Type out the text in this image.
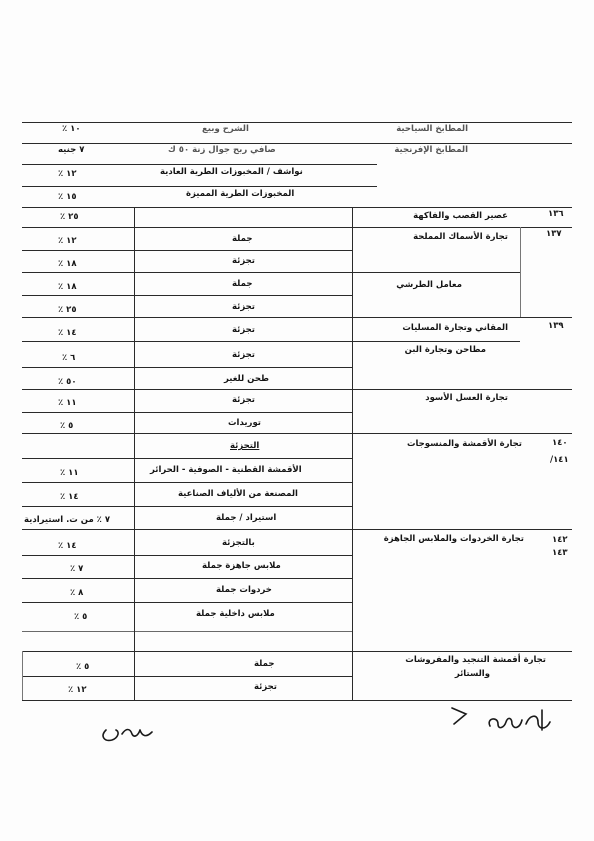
المطابخ السياحية
الشرح وبيع
١٠ ٪
المطابخ الإفرنجية
صافي ربح جوال زنة ٥٠ ك
٧ جنيه
نواشف / المخبوزات الطرية العادية
١٢ ٪
المخبوزات الطرية المميزة
١٥ ٪
١٣٦
عصير القصب والفاكهة
٢٥ ٪
١٣٧
تجارة الأسماك المملحة
جملة
١٢ ٪
تجزئة
١٨ ٪
معامل الطرشي
جملة
١٨ ٪
تجزئة
٢٥ ٪
١٣٩
المقاني وتجارة المسليات
تجزئة
١٤ ٪
مطاحن وتجارة البن
تجزئة
٦ ٪
طحن للغير
٥٠ ٪
تجارة العسل الأسود
تجزئة
١١ ٪
توريدات
٥ ٪
١٤٠
تجارة الأقمشة والمنسوجات
التجزئة
١٤١/
الأقمشة القطنية - الصوفية - الحرائر
١١ ٪
المصنعة من الألياف الصناعية
١٤ ٪
استيراد / جملة
٧ ٪ من ت. استيرادية
١٤٢
تجارة الخردوات والملابس الجاهزة
بالتجزئة
١٤ ٪
١٤٣
ملابس جاهزة جملة
٧ ٪
خردوات جملة
٨ ٪
ملابس داخلية جملة
٥ ٪
تجارة أقمشة التنجيد والمفروشات
جملة
٥ ٪
والستائر
تجزئة
١٢ ٪
